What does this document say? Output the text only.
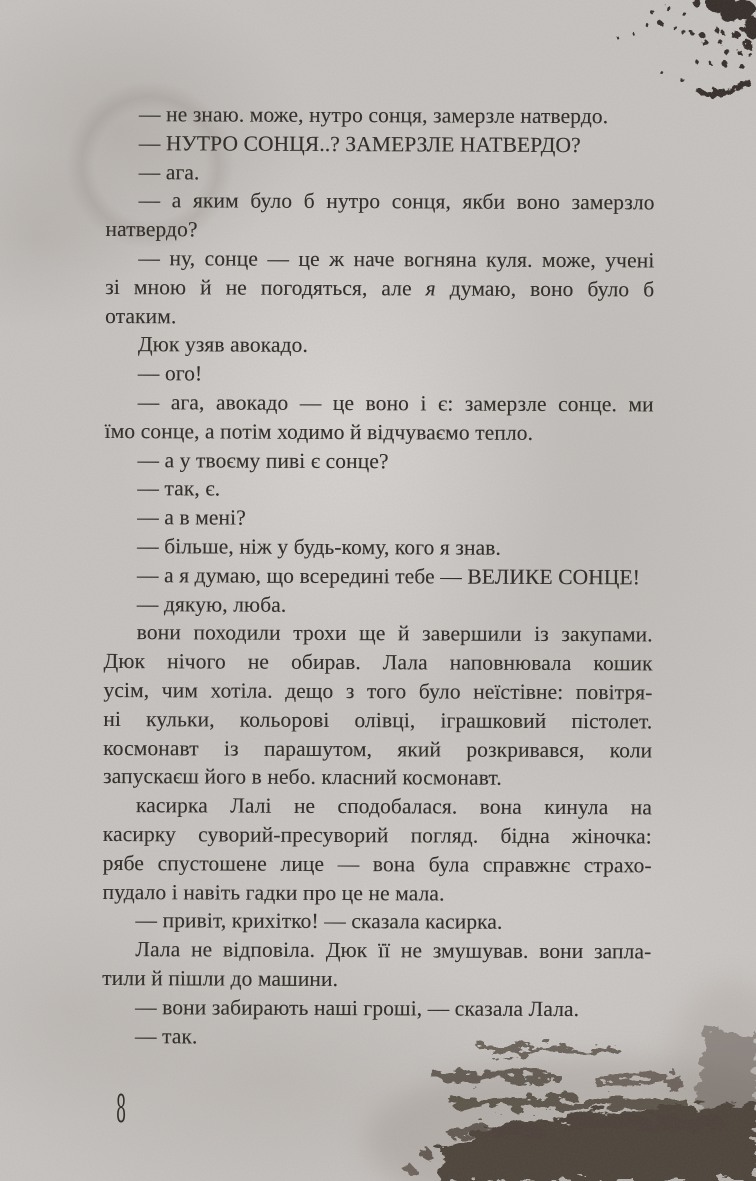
— не знаю. може, нутро сонця, замерзле натвердо.
— НУТРО СОНЦЯ..? ЗАМЕРЗЛЕ НАТВЕРДО?
— ага.
— а яким було б нутро сонця, якби воно замерзло
натвердо?
— ну, сонце — це ж наче вогняна куля. може, учені
зі мною й не погодяться, але я думаю, воно було б
отаким.
Дюк узяв авокадо.
— ого!
— ага, авокадо — це воно і є: замерзле сонце. ми
їмо сонце, а потім ходимо й відчуваємо тепло.
— а у твоєму пиві є сонце?
— так, є.
— а в мені?
— більше, ніж у будь-кому, кого я знав.
— а я думаю, що всередині тебе — ВЕЛИКЕ СОНЦЕ!
— дякую, люба.
вони походили трохи ще й завершили із закупами.
Дюк нічого не обирав. Лала наповнювала кошик
усім, чим хотіла. дещо з того було неїстівне: повітря-
ні кульки, кольорові олівці, іграшковий пістолет.
космонавт із парашутом, який розкривався, коли
запускаєш його в небо. класний космонавт.
касирка Лалі не сподобалася. вона кинула на
касирку суворий-пресуворий погляд. бідна жіночка:
рябе спустошене лице — вона була справжнє страхо-
пудало і навіть гадки про це не мала.
— привіт, крихітко! — сказала касирка.
Лала не відповіла. Дюк її не змушував. вони запла-
тили й пішли до машини.
— вони забирають наші гроші, — сказала Лала.
— так.
8
